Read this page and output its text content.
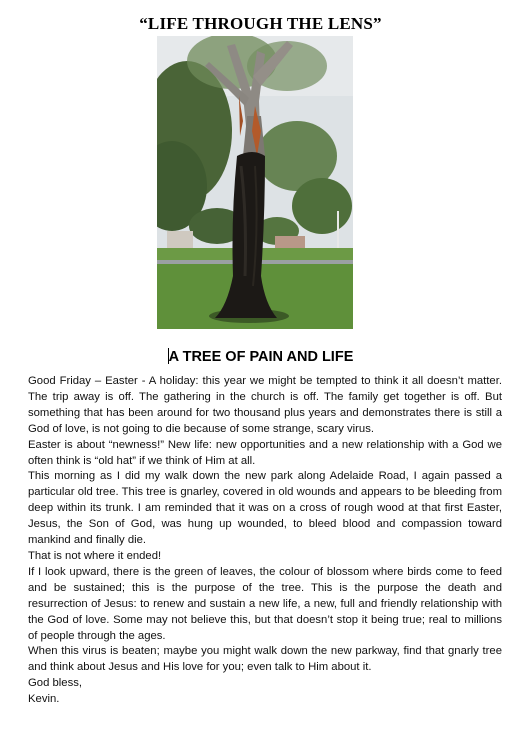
“LIFE THROUGH THE LENS”
A TREE OF PAIN AND LIFE

Good Friday – Easter - A holiday: this year we might be tempted to think it all doesn’t matter. The trip away is off. The gathering in the church is off. The family get together is off. But something that has been around for two thousand plus years and demonstrates there is still a God of love, is not going to die because of some strange, scary virus.

Easter is about “newness!” New life: new opportunities and a new relationship with a God we often think is “old hat” if we think of Him at all.

This morning as I did my walk down the new park along Adelaide Road, I again passed a particular old tree. This tree is gnarley, covered in old wounds and appears to be bleeding from deep within its trunk. I am reminded that it was on a cross of rough wood at that first Easter, Jesus, the Son of God, was hung up wounded, to bleed blood and compassion toward mankind and finally die.

That is not where it ended!

If I look upward, there is the green of leaves, the colour of blossom where birds come to feed and be sustained; this is the purpose of the tree. This is the purpose the death and resurrection of Jesus: to renew and sustain a new life, a new, full and friendly relationship with the God of love. Some may not believe this, but that doesn’t stop it being true; real to millions of people through the ages.

When this virus is beaten; maybe you might walk down the new parkway, find that gnarly tree and think about Jesus and His love for you; even talk to Him about it.

God bless,

Kevin.
